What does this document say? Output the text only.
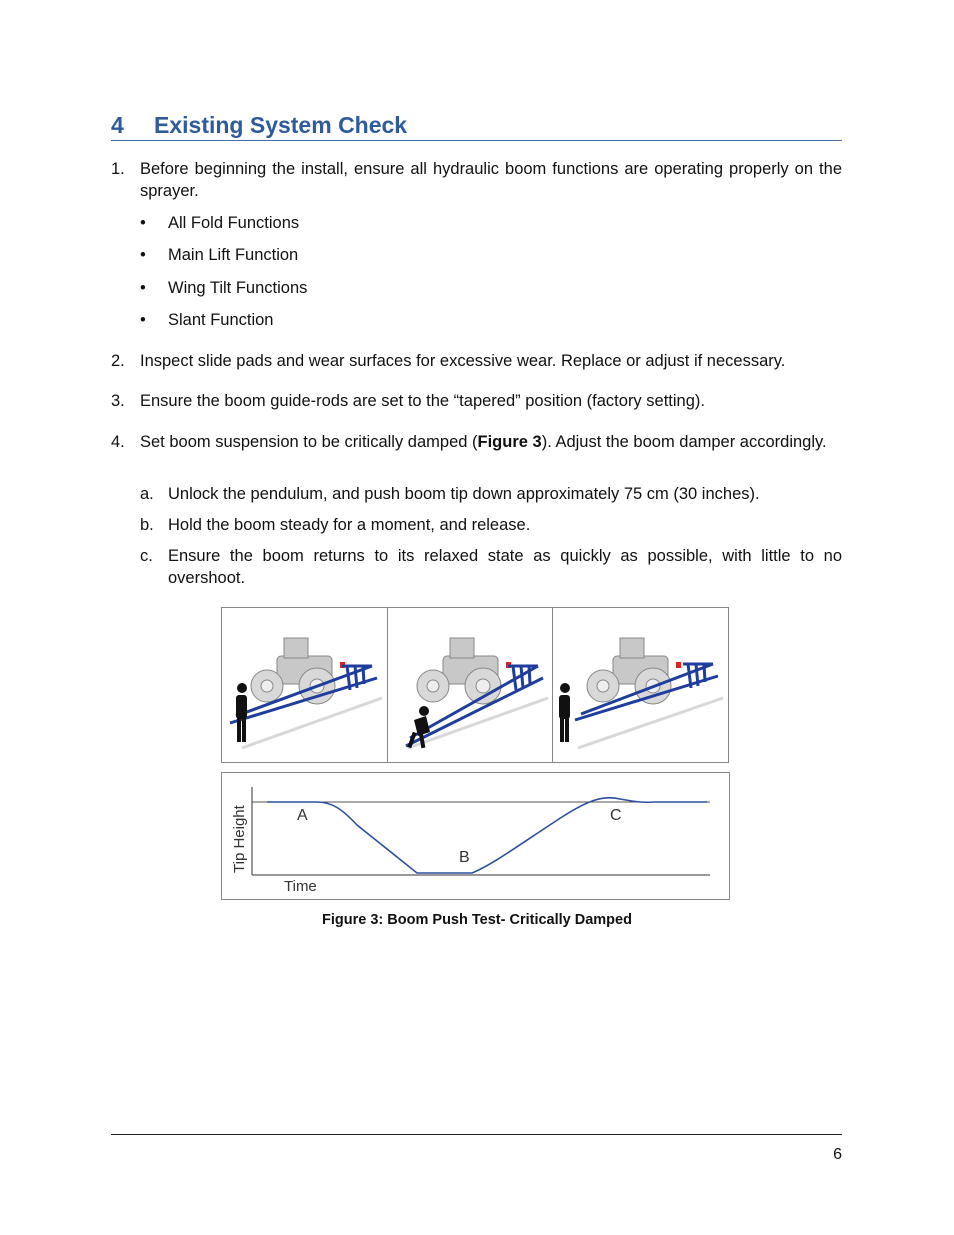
4 Existing System Check
1. Before beginning the install, ensure all hydraulic boom functions are operating properly on the sprayer.
• All Fold Functions
• Main Lift Function
• Wing Tilt Functions
• Slant Function
2. Inspect slide pads and wear surfaces for excessive wear. Replace or adjust if necessary.
3. Ensure the boom guide-rods are set to the “tapered” position (factory setting).
4. Set boom suspension to be critically damped (Figure 3). Adjust the boom damper accordingly.
a. Unlock the pendulum, and push boom tip down approximately 75 cm (30 inches).
b. Hold the boom steady for a moment, and release.
c. Ensure the boom returns to its relaxed state as quickly as possible, with little to no overshoot.
Tip Height
Time
A
B
C
Figure 3: Boom Push Test- Critically Damped
6
